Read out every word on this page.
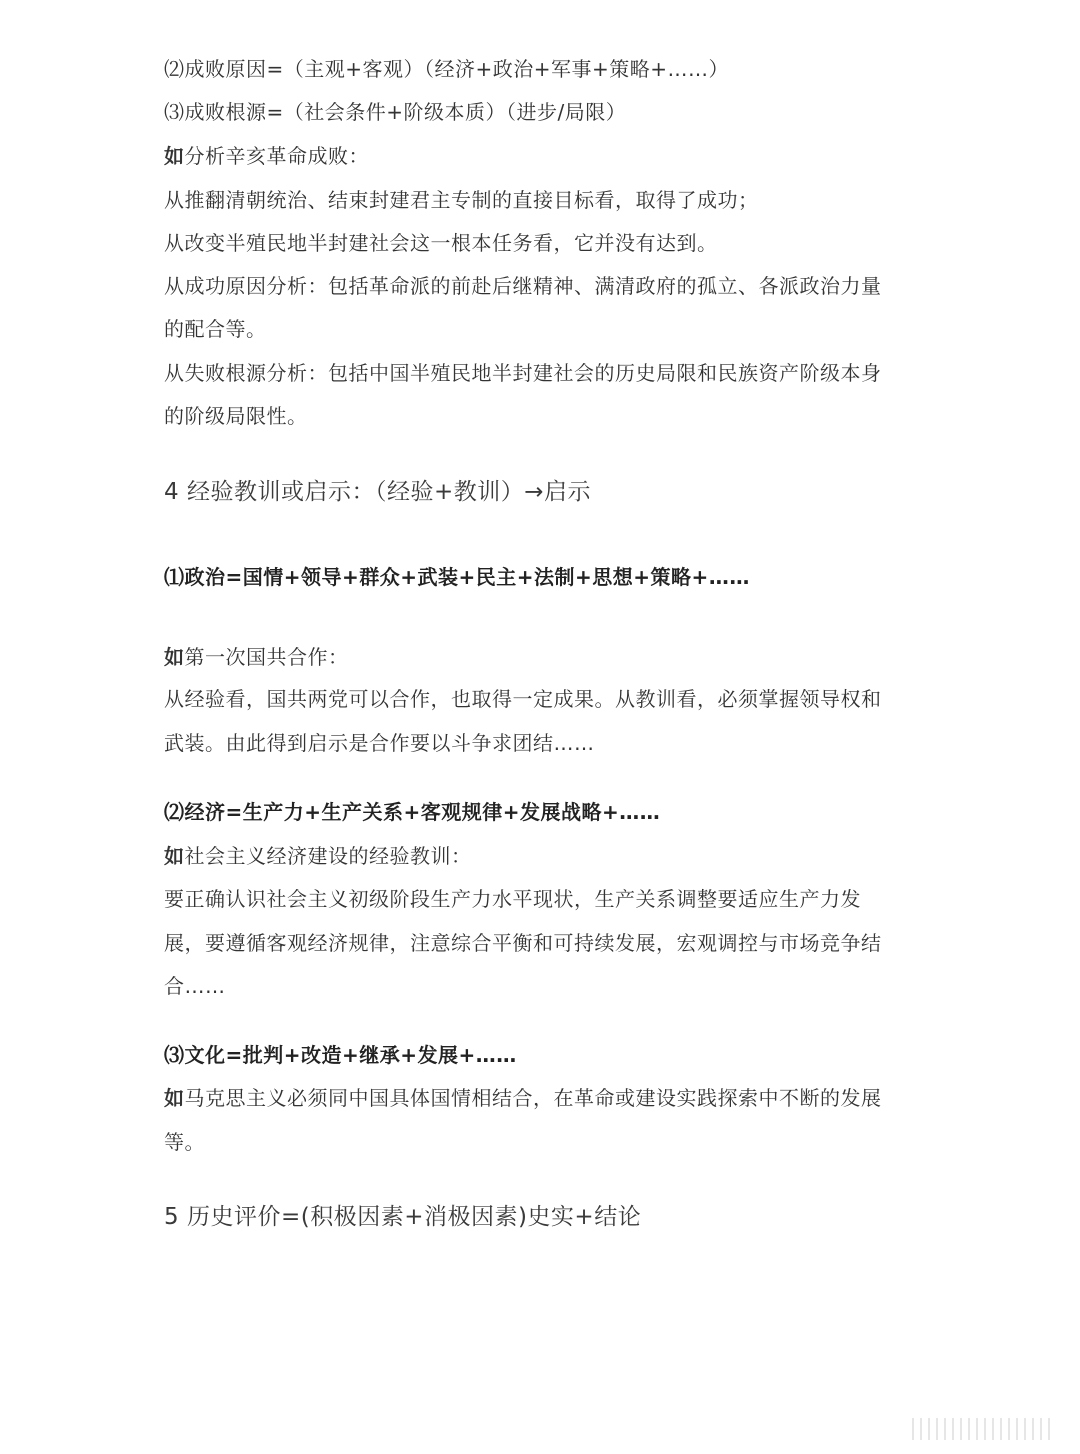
⑵成败原因=（主观+客观）（经济+政治+军事+策略+……）
⑶成败根源=（社会条件+阶级本质）（进步/局限）
如分析辛亥革命成败：
从推翻清朝统治、结束封建君主专制的直接目标看，取得了成功；
从改变半殖民地半封建社会这一根本任务看，它并没有达到。
从成功原因分析：包括革命派的前赴后继精神、满清政府的孤立、各派政治力量
的配合等。
从失败根源分析：包括中国半殖民地半封建社会的历史局限和民族资产阶级本身
的阶级局限性。
4 经验教训或启示：（经验+教训）→启示
⑴政治=国情+领导+群众+武装+民主+法制+思想+策略+……
如第一次国共合作：
从经验看，国共两党可以合作，也取得一定成果。从教训看，必须掌握领导权和
武装。由此得到启示是合作要以斗争求团结……
⑵经济=生产力+生产关系+客观规律+发展战略+……
如社会主义经济建设的经验教训：
要正确认识社会主义初级阶段生产力水平现状，生产关系调整要适应生产力发
展，要遵循客观经济规律，注意综合平衡和可持续发展，宏观调控与市场竞争结
合……
⑶文化=批判+改造+继承+发展+……
如马克思主义必须同中国具体国情相结合，在革命或建设实践探索中不断的发展
等。
5 历史评价=(积极因素+消极因素)史实+结论
